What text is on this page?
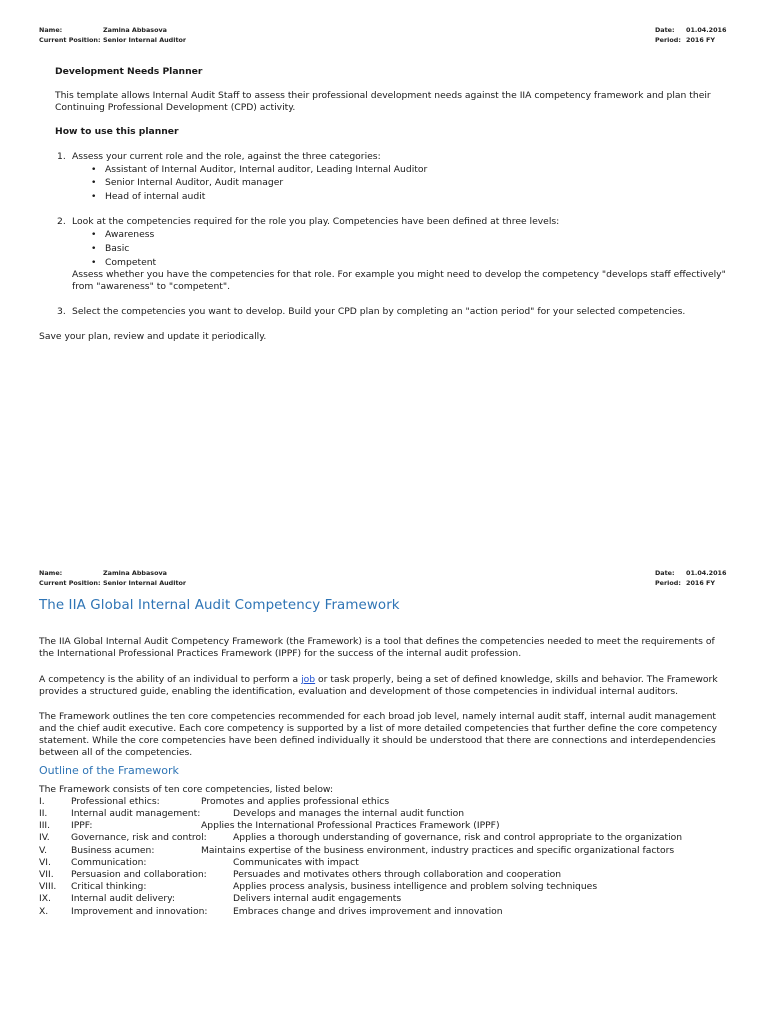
Name:	Zamina Abbasova	Date: 01.04.2016
Current Position: Senior Internal Auditor	Period: 2016 FY
Development Needs Planner
This template allows Internal Audit Staff to assess their professional development needs against the IIA competency framework and plan their
Continuing Professional Development (CPD) activity.
How to use this planner
1. Assess your current role and the role, against the three categories:
• Assistant of Internal Auditor, Internal auditor, Leading Internal Auditor
• Senior Internal Auditor, Audit manager
• Head of internal audit
2. Look at the competencies required for the role you play. Competencies have been defined at three levels:
• Awareness
• Basic
• Competent
Assess whether you have the competencies for that role. For example you might need to develop the competency "develops staff effectively"
from "awareness" to "competent".
3. Select the competencies you want to develop. Build your CPD plan by completing an "action period" for your selected competencies.
Save your plan, review and update it periodically.
Name:	Zamina Abbasova	Date: 01.04.2016
Current Position: Senior Internal Auditor	Period: 2016 FY
The IIA Global Internal Audit Competency Framework
The IIA Global Internal Audit Competency Framework (the Framework) is a tool that defines the competencies needed to meet the requirements of
the International Professional Practices Framework (IPPF) for the success of the internal audit profession.
A competency is the ability of an individual to perform a job or task properly, being a set of defined knowledge, skills and behavior. The Framework
provides a structured guide, enabling the identification, evaluation and development of those competencies in individual internal auditors.
The Framework outlines the ten core competencies recommended for each broad job level, namely internal audit staff, internal audit management
and the chief audit executive. Each core competency is supported by a list of more detailed competencies that further define the core competency
statement. While the core competencies have been defined individually it should be understood that there are connections and interdependencies
between all of the competencies.
Outline of the Framework
The Framework consists of ten core competencies, listed below:
I.	Professional ethics:	Promotes and applies professional ethics
II.	Internal audit management:	Develops and manages the internal audit function
III. IPPF:	Applies the International Professional Practices Framework (IPPF)
IV. Governance, risk and control:	Applies a thorough understanding of governance, risk and control appropriate to the organization
V.	Business acumen:	Maintains expertise of the business environment, industry practices and specific organizational factors
VI. Communication:	Communicates with impact
VII. Persuasion and collaboration:	Persuades and motivates others through collaboration and cooperation
VIII. Critical thinking:	Applies process analysis, business intelligence and problem solving techniques
IX. Internal audit delivery:	Delivers internal audit engagements
X. Improvement and innovation:	Embraces change and drives improvement and innovation
